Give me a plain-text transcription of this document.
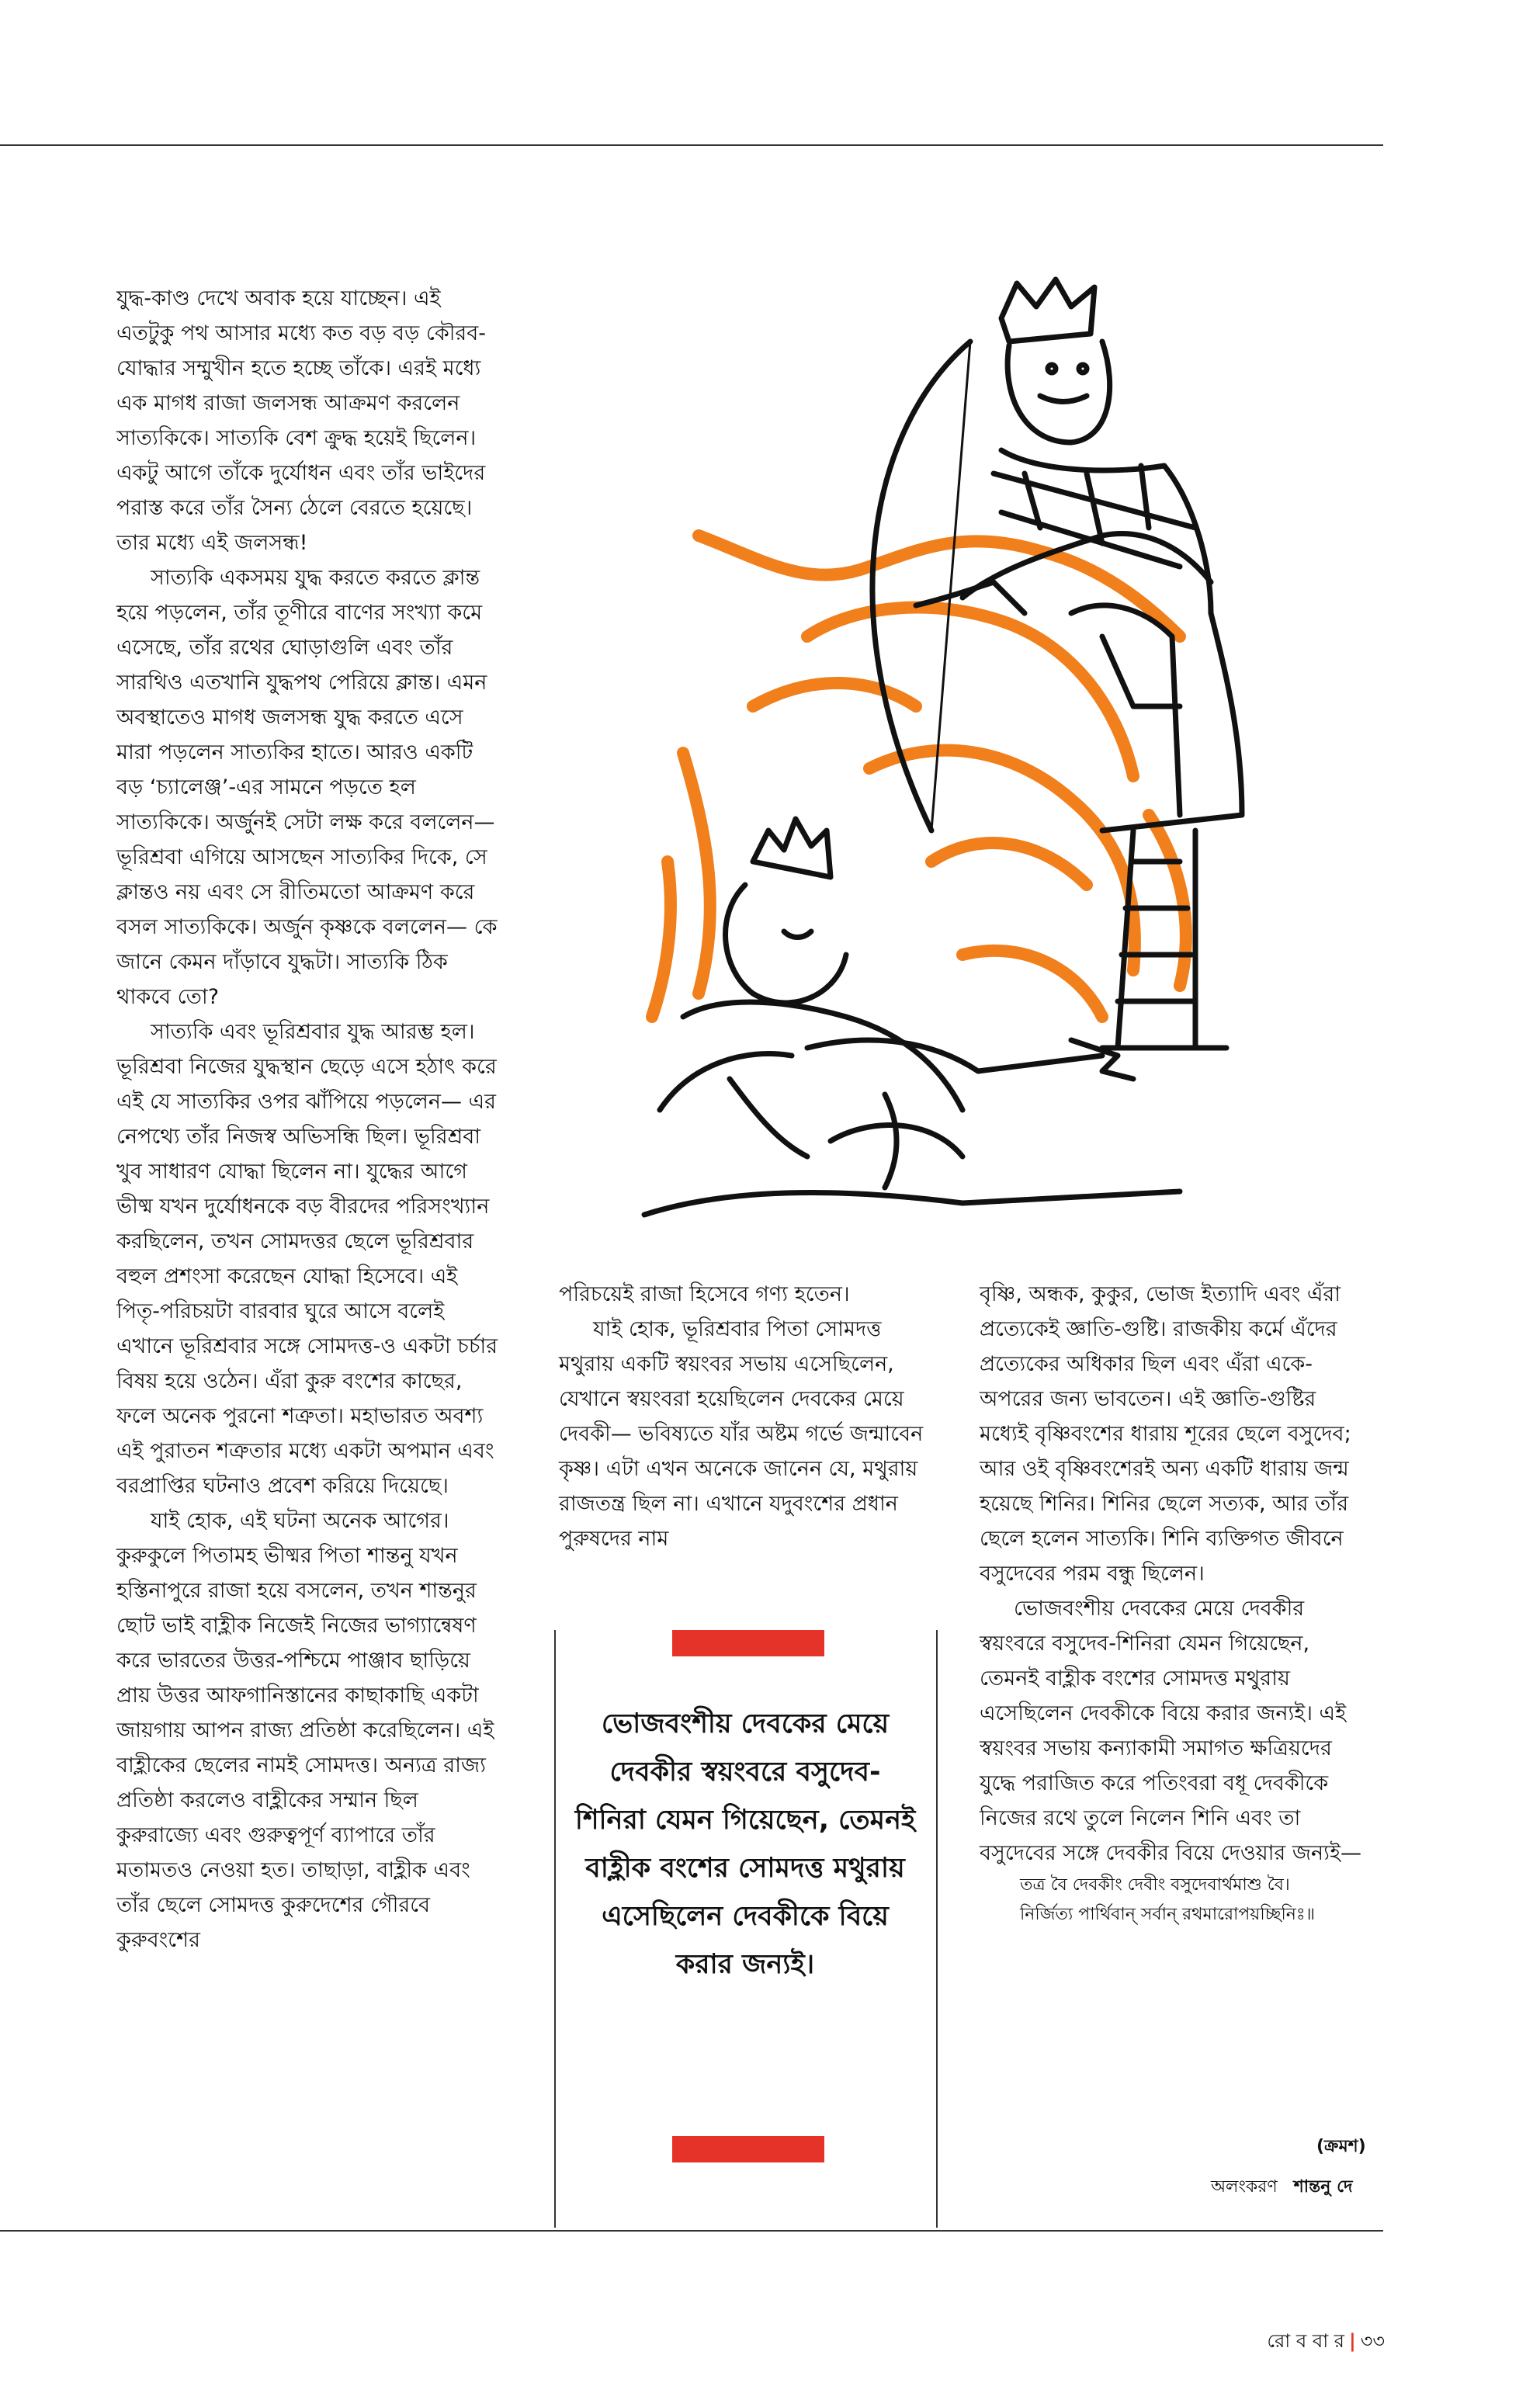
যুদ্ধ-কাণ্ড দেখে অবাক হয়ে যাচ্ছেন। এই এতটুকু পথ আসার মধ্যে কত বড় বড় কৌরব-যোদ্ধার সম্মুখীন হতে হচ্ছে তাঁকে। এরই মধ্যে এক মাগধ রাজা জলসন্ধ আক্রমণ করলেন সাত্যকিকে। সাত্যকি বেশ ক্রুদ্ধ হয়েই ছিলেন। একটু আগে তাঁকে দুর্যোধন এবং তাঁর ভাইদের পরাস্ত করে তাঁর সৈন্য ঠেলে বেরতে হয়েছে। তার মধ্যে এই জলসন্ধ!

সাত্যকি একসময় যুদ্ধ করতে করতে ক্লান্ত হয়ে পড়লেন, তাঁর তূণীরে বাণের সংখ্যা কমে এসেছে, তাঁর রথের ঘোড়াগুলি এবং তাঁর সারথিও এতখানি যুদ্ধপথ পেরিয়ে ক্লান্ত। এমন অবস্থাতেও মাগধ জলসন্ধ যুদ্ধ করতে এসে মারা পড়লেন সাত্যকির হাতে। আরও একটি বড় ‘চ্যালেঞ্জ’-এর সামনে পড়তে হল সাত্যকিকে। অর্জুনই সেটা লক্ষ করে বললেন— ভূরিশ্রবা এগিয়ে আসছেন সাত্যকির দিকে, সে ক্লান্তও নয় এবং সে রীতিমতো আক্রমণ করে বসল সাত্যকিকে। অর্জুন কৃষ্ণকে বললেন— কে জানে কেমন দাঁড়াবে যুদ্ধটা। সাত্যকি ঠিক থাকবে তো?

সাত্যকি এবং ভূরিশ্রবার যুদ্ধ আরম্ভ হল। ভূরিশ্রবা নিজের যুদ্ধস্থান ছেড়ে এসে হঠাৎ করে এই যে সাত্যকির ওপর ঝাঁপিয়ে পড়লেন— এর নেপথ্যে তাঁর নিজস্ব অভিসন্ধি ছিল। ভূরিশ্রবা খুব সাধারণ যোদ্ধা ছিলেন না। যুদ্ধের আগে ভীষ্ম যখন দুর্যোধনকে বড় বীরদের পরিসংখ্যান করছিলেন, তখন সোমদত্তর ছেলে ভূরিশ্রবার বহুল প্রশংসা করেছেন যোদ্ধা হিসেবে। এই পিতৃ-পরিচয়টা বারবার ঘুরে আসে বলেই এখানে ভূরিশ্রবার সঙ্গে সোমদত্ত-ও একটা চর্চার বিষয় হয়ে ওঠেন। এঁরা কুরু বংশের কাছের, ফলে অনেক পুরনো শত্রুতা। মহাভারত অবশ্য এই পুরাতন শত্রুতার মধ্যে একটা অপমান এবং বরপ্রাপ্তির ঘটনাও প্রবেশ করিয়ে দিয়েছে।

যাই হোক, এই ঘটনা অনেক আগের। কুরুকুলে পিতামহ ভীষ্মর পিতা শান্তনু যখন হস্তিনাপুরে রাজা হয়ে বসলেন, তখন শান্তনুর ছোট ভাই বাহ্লীক নিজেই নিজের ভাগ্যান্বেষণ করে ভারতের উত্তর-পশ্চিমে পাঞ্জাব ছাড়িয়ে প্রায় উত্তর আফগানিস্তানের কাছাকাছি একটা জায়গায় আপন রাজ্য প্রতিষ্ঠা করেছিলেন। এই বাহ্লীকের ছেলের নামই সোমদত্ত। অন্যত্র রাজ্য প্রতিষ্ঠা করলেও বাহ্লীকের সম্মান ছিল কুরুরাজ্যে এবং গুরুত্বপূর্ণ ব্যাপারে তাঁর মতামতও নেওয়া হত। তাছাড়া, বাহ্লীক এবং তাঁর ছেলে সোমদত্ত কুরুদেশের গৌরবে কুরুবংশের

পরিচয়েই রাজা হিসেবে গণ্য হতেন।

যাই হোক, ভূরিশ্রবার পিতা সোমদত্ত মথুরায় একটি স্বয়ংবর সভায় এসেছিলেন, যেখানে স্বয়ংবরা হয়েছিলেন দেবকের মেয়ে দেবকী— ভবিষ্যতে যাঁর অষ্টম গর্ভে জন্মাবেন কৃষ্ণ। এটা এখন অনেকে জানেন যে, মথুরায় রাজতন্ত্র ছিল না। এখানে যদুবংশের প্রধান পুরুষদের নাম

ভোজবংশীয় দেবকের মেয়ে দেবকীর স্বয়ংবরে বসুদেব-শিনিরা যেমন গিয়েছেন, তেমনই বাহ্লীক বংশের সোমদত্ত মথুরায় এসেছিলেন দেবকীকে বিয়ে করার জন্যই।

বৃষ্ণি, অন্ধক, কুকুর, ভোজ ইত্যাদি এবং এঁরা প্রত্যেকেই জ্ঞাতি-গুষ্টি। রাজকীয় কর্মে এঁদের প্রত্যেকের অধিকার ছিল এবং এঁরা একে-অপরের জন্য ভাবতেন। এই জ্ঞাতি-গুষ্টির মধ্যেই বৃষ্ণিবংশের ধারায় শূরের ছেলে বসুদেব; আর ওই বৃষ্ণিবংশেরই অন্য একটি ধারায় জন্ম হয়েছে শিনির। শিনির ছেলে সত্যক, আর তাঁর ছেলে হলেন সাত্যকি। শিনি ব্যক্তিগত জীবনে বসুদেবের পরম বন্ধু ছিলেন।

ভোজবংশীয় দেবকের মেয়ে দেবকীর স্বয়ংবরে বসুদেব-শিনিরা যেমন গিয়েছেন, তেমনই বাহ্লীক বংশের সোমদত্ত মথুরায় এসেছিলেন দেবকীকে বিয়ে করার জন্যই। এই স্বয়ংবর সভায় কন্যাকামী সমাগত ক্ষত্রিয়দের যুদ্ধে পরাজিত করে পতিংবরা বধূ দেবকীকে নিজের রথে তুলে নিলেন শিনি এবং তা বসুদেবের সঙ্গে দেবকীর বিয়ে দেওয়ার জন্যই—

তত্র বৈ দেবকীং দেবীং বসুদেবার্থমাশু বৈ।
নির্জিত্য পার্থিবান্ সর্বান্ রথমারোপয়চ্ছিনিঃ॥
(ক্রমশ)
অলংকরণ শান্তনু দে
রো ব বা র | ৩৩
